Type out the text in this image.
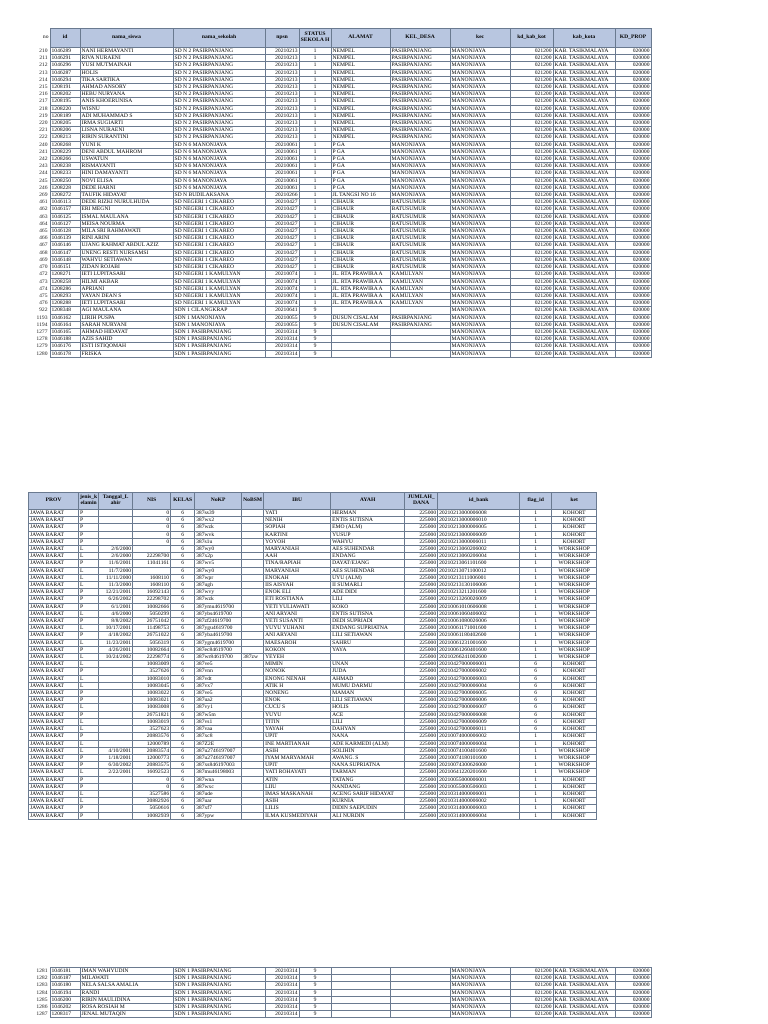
no	id	nama_siswa	nama_sekolah	npsn	STATUS SEKOLA H	ALAMAT	KEL_DESA	kec	kd_kab_kot	kab_kota	KD_PROP
210	1046289	NANI HERMAYANTI	SD N 2 PASIRPANJANG	20210213	1	NEMPEL	PASIRPANJANG	MANONJAYA	021200	KAB. TASIKMALAYA	020000
211	1046291	RIVA NURAENI	SD N 2 PASIRPANJANG	20210213	1	NEMPEL	PASIRPANJANG	MANONJAYA	021200	KAB. TASIKMALAYA	020000
212	1046296	YUSI MUTMAINAH	SD N 2 PASIRPANJANG	20210213	1	NEMPEL	PASIRPANJANG	MANONJAYA	021200	KAB. TASIKMALAYA	020000
213	1046287	HOLIS	SD N 2 PASIRPANJANG	20210213	1	NEMPEL	PASIRPANJANG	MANONJAYA	021200	KAB. TASIKMALAYA	020000
214	1046294	TIKA SARTIKA	SD N 2 PASIRPANJANG	20210213	1	NEMPEL	PASIRPANJANG	MANONJAYA	021200	KAB. TASIKMALAYA	020000
215	1208191	AHMAD ANSORY	SD N 2 PASIRPANJANG	20210213	1	NEMPEL	PASIRPANJANG	MANONJAYA	021200	KAB. TASIKMALAYA	020000
216	1208202	HEBU NURYANA	SD N 2 PASIRPANJANG	20210213	1	NEMPEL	PASIRPANJANG	MANONJAYA	021200	KAB. TASIKMALAYA	020000
217	1208195	ANIS KHOERUNISA	SD N 2 PASIRPANJANG	20210213	1	NEMPEL	PASIRPANJANG	MANONJAYA	021200	KAB. TASIKMALAYA	020000
218	1208220	WISNU	SD N 2 PASIRPANJANG	20210213	1	NEMPEL	PASIRPANJANG	MANONJAYA	021200	KAB. TASIKMALAYA	020000
219	1208189	ADI MUHAMMAD S	SD N 2 PASIRPANJANG	20210213	1	NEMPEL	PASIRPANJANG	MANONJAYA	021200	KAB. TASIKMALAYA	020000
220	1208205	IRMA SUGIARTI	SD N 2 PASIRPANJANG	20210213	1	NEMPEL	PASIRPANJANG	MANONJAYA	021200	KAB. TASIKMALAYA	020000
221	1208206	LISNA NURAENI	SD N 2 PASIRPANJANG	20210213	1	NEMPEL	PASIRPANJANG	MANONJAYA	021200	KAB. TASIKMALAYA	020000
222	1208213	RIRIN SURANTINI	SD N 2 PASIRPANJANG	20210213	1	NEMPEL	PASIRPANJANG	MANONJAYA	021200	KAB. TASIKMALAYA	020000
240	1208268	YUNI K	SD N 6 MANONJAYA	20210061	1	P GA	MANONJAYA	MANONJAYA	021200	KAB. TASIKMALAYA	020000
241	1208229	DENI ABDUL MAHROM	SD N 6 MANONJAYA	20210061	1	P GA	MANONJAYA	MANONJAYA	021200	KAB. TASIKMALAYA	020000
242	1208266	USWATUN	SD N 6 MANONJAYA	20210061	1	P GA	MANONJAYA	MANONJAYA	021200	KAB. TASIKMALAYA	020000
243	1208238	RISMAYANTI	SD N 6 MANONJAYA	20210061	1	P GA	MANONJAYA	MANONJAYA	021200	KAB. TASIKMALAYA	020000
244	1208233	HINI DAMAYANTI	SD N 6 MANONJAYA	20210061	1	P GA	MANONJAYA	MANONJAYA	021200	KAB. TASIKMALAYA	020000
245	1208250	NOVI ELISA	SD N 6 MANONJAYA	20210061	1	P GA	MANONJAYA	MANONJAYA	021200	KAB. TASIKMALAYA	020000
246	1208228	DEDE HARNI	SD N 6 MANONJAYA	20210061	1	P GA	MANONJAYA	MANONJAYA	021200	KAB. TASIKMALAYA	020000
269	1208272	TAUFIK HIDAYAT	SD N BUDILAKSANA	20210266	1	JL TANGSI NO 16	MANONJAYA	MANONJAYA	021200	KAB. TASIKMALAYA	020000
461	1046113	DEDE RIZKI NURULHUDA	SD NEGERI 1 CIKAREO	20210427	1	CIHAUR	BATUSUMUR	MANONJAYA	021200	KAB. TASIKMALAYA	020000
462	1046157	ERI MEGNI	SD NEGERI 1 CIKAREO	20210427	1	CIHAUR	BATUSUMUR	MANONJAYA	021200	KAB. TASIKMALAYA	020000
463	1046125	ISMAL MAULANA	SD NEGERI 1 CIKAREO	20210427	1	CIHAUR	BATUSUMUR	MANONJAYA	021200	KAB. TASIKMALAYA	020000
464	1046127	MEISA NOURMA	SD NEGERI 1 CIKAREO	20210427	1	CIHAUR	BATUSUMUR	MANONJAYA	021200	KAB. TASIKMALAYA	020000
465	1046128	MILA SRI RAHMAWATI	SD NEGERI 1 CIKAREO	20210427	1	CIHAUR	BATUSUMUR	MANONJAYA	021200	KAB. TASIKMALAYA	020000
466	1046139	RINI ARINI	SD NEGERI 1 CIKAREO	20210427	1	CIHAUR	BATUSUMUR	MANONJAYA	021200	KAB. TASIKMALAYA	020000
467	1046146	UJANG RAHMAT ABDUL AZIZ	SD NEGERI 1 CIKAREO	20210427	1	CIHAUR	BATUSUMUR	MANONJAYA	021200	KAB. TASIKMALAYA	020000
468	1046147	UNENG RESTI NURSAMSI	SD NEGERI 1 CIKAREO	20210427	1	CIHAUR	BATUSUMUR	MANONJAYA	021200	KAB. TASIKMALAYA	020000
469	1046148	WAHYU SETIAWAN	SD NEGERI 1 CIKAREO	20210427	1	CIHAUR	BATUSUMUR	MANONJAYA	021200	KAB. TASIKMALAYA	020000
470	1046151	ZIDAN ROJABI	SD NEGERI 1 CIKAREO	20210427	1	CIHAUR	BATUSUMUR	MANONJAYA	021200	KAB. TASIKMALAYA	020000
472	1208271	IETI LUPITASARI	SD NEGERI 1 KAMULYAN	20210074	1	JL. RTA PRAWIRA A	KAMULYAN	MANONJAYA	021200	KAB. TASIKMALAYA	020000
473	1208258	HILMI AKBAR	SD NEGERI 1 KAMULYAN	20210074	1	JL. RTA PRAWIRA A	KAMULYAN	MANONJAYA	021200	KAB. TASIKMALAYA	020000
474	1208286	APRIANI	SD NEGERI 1 KAMULYAN	20210074	1	JL. RTA PRAWIRA A	KAMULYAN	MANONJAYA	021200	KAB. TASIKMALAYA	020000
475	1208293	YAYAN DEAN S	SD NEGERI 1 KAMULYAN	20210074	1	JL. RTA PRAWIRA A	KAMULYAN	MANONJAYA	021200	KAB. TASIKMALAYA	020000
476	1208288	IETI LUPITASARI	SD NEGERI 1 KAMULYAN	20210074	1	JL. RTA PRAWIRA A	KAMULYAN	MANONJAYA	021200	KAB. TASIKMALAYA	020000
922	1208348	AGI MAULANA	SDN 1 CILANGKRAP	20210641	9			MANONJAYA	021200	KAB. TASIKMALAYA	020000
1193	1046162	LIRIH PUSPA	SDN 1 MANONJAYA	20210055	9	DUSUN CISALAM	PASIRPANJANG	MANONJAYA	021200	KAB. TASIKMALAYA	020000
1194	1046164	SARAH NURYANI	SDN 1 MANONJAYA	20210055	9	DUSUN CISALAM	PASIRPANJANG	MANONJAYA	021200	KAB. TASIKMALAYA	020000
1277	1046165	AHMAD HIDAYAT	SDN 1 PASIRPANJANG	20210314	9			MANONJAYA	021200	KAB. TASIKMALAYA	020000
1278	1046188	AZIS SAHID	SDN 1 PASIRPANJANG	20210314	9			MANONJAYA	021200	KAB. TASIKMALAYA	020000
1279	1046176	ESTI ISTIQOMAH	SDN 1 PASIRPANJANG	20210314	9			MANONJAYA	021200	KAB. TASIKMALAYA	020000
1280	1046178	FRISKA	SDN 1 PASIRPANJANG	20210314	9			MANONJAYA	021200	KAB. TASIKMALAYA	020000
PROV	jenis_k elamin	Tanggal_L ahir	NIS	KELAS	NoKP	NoBSM	IBU	AYAH	JUMLAH_ DANA	id_bank	flag_id	ket
JAWA BARAT	P		0	6	387ss39		YATI	HERMAN	225000	20210213000006008	1	KOHORT
JAWA BARAT	P		0	6	387wx2		NENIH	ENTIS SUTISNA	225000	20210213000006010	1	KOHORT
JAWA BARAT	P		0	6	387wzk		SOPIAH	EMO (ALM)	225000	20210213000006005	1	KOHORT
JAWA BARAT	P		0	6	387wvk		KARTINI	YUSUP	225000	20210213000006009	1	KOHORT
JAWA BARAT	P		0	6	387s1u		YOYOH	WAHYU	225000	20210213000006011	1	KOHORT
JAWA BARAT	L	2/6/2000		6	387wy0		MARYANIAH	AES SUHENDAR	225000	20210213060206002	1	WORKSHOP
JAWA BARAT	L	2/6/2000	22298700	6	387x2p		AAH	ENDANG	225000	20210213060206004	1	WORKSHOP
JAWA BARAT	P	11/6/2001	11041161	6	387wv5		TINA/RAPIAH	DAYAT/EJANG	225000	20210213061101600	1	WORKSHOP
JAWA BARAT	L	11/7/2000		6	387wy0		MARYANIAH	AES SUHENDAR	225000	20210213071100012	1	WORKSHOP
JAWA BARAT	L	11/11/2000	1608110	6	387wpr		ENOKAH	UYU (ALM)	225000	20210213111006001	1	WORKSHOP
JAWA BARAT	L	11/3/2000	1608110	6	387ugh		IIS AISYAH	II SUMARLI	225000	20210213130106006	1	WORKSHOP
JAWA BARAT	P	12/21/2001	16092143	6	387wvy		ENOK ELI	ADE DIDI	225000	20210213211201600	1	WORKSHOP
JAWA BARAT	P	6/26/2002	22298702	6	387wzk		ETI ROSTIANA	LILI	225000	20210213260026009	1	WORKSHOP
JAWA BARAT	P	6/1/2001	10082666	6	387ymu4619700		YETI YULIAWATI	KOKO	225000	20210061010606008	1	WORKSHOP
JAWA BARAT	L	4/6/2000	5050299	6	387ybs4619700		ANI ARYANI	ENTIS SUTISNA	225000	20210061060406002	1	WORKSHOP
JAWA BARAT	P	8/8/2002	26751042	6	387zf24619700		YETI SUSANTI	DEDI SUPRIADI	225000	20210061080026006	1	WORKSHOP
JAWA BARAT	L	10/17/2001	11498753	6	387ygu4619700		YUYU YUHANI	ENDANG SUPRIATNA	225000	20210061171001600	1	WORKSHOP
JAWA BARAT	P	4/18/2002	26751022	6	387yba4619700		ANI ARYANI	LILI SETIAWAN	225000	20210061180402600	1	WORKSHOP
JAWA BARAT	L	11/23/2001	5056319	6	387ygm4619700		MAESAROH	SAHRU	225000	20210061231001600	1	WORKSHOP
JAWA BARAT	P	4/26/2001	10082664	6	387ec84619700		KOKON	YAYA	225000	20210061260401600	1	WORKSHOP
JAWA BARAT	L	10/24/2002	22298774	6	387wr84619700	387zw	YEYEH		225000	20210266241002600	1	WORKSHOP
JAWA BARAT	L		10083009	6	387ve5		MIMIN	UNAN	225000	20210427000006001	6	KOHORT
JAWA BARAT	P		3527626	6	387vnn		NONOK	JUDA	225000	20210427000006002	6	KOHORT
JAWA BARAT	L		10083010	6	387vdt		ENONG NENAH	AHMAD	225000	20210427000006003	6	KOHORT
JAWA BARAT	L		10083045	6	387vx7		ATIK H	MUMU DARMU	225000	20210427000006004	6	KOHORT
JAWA BARAT	P		10083022	6	387ve5		NONENG	MAMAN	225000	20210427000006005	6	KOHORT
JAWA BARAT	P		10083021	6	387ua2		ENOK	LILI SETIAWAN	225000	20210427000006006	6	KOHORT
JAWA BARAT	L		10083008	6	387vy1		CUCU S	HOLIS	225000	20210427000006007	6	KOHORT
JAWA BARAT	P		26751821	6	387w5m		YUYU	ACE	225000	20210427000006008	6	KOHORT
JAWA BARAT	L		10083019	6	387vs1		TITIN	LILI	225000	20210427000006009	6	KOHORT
JAWA BARAT	L		3527623	6	387vaa		YAYAH	DAHYAN	225000	20210427000006011	6	KOHORT
JAWA BARAT	P		20883576	6	387xc8		UPIT	NANA	225000	20210074000006002	1	KOHORT
JAWA BARAT	L		12000789	6	387Z2E		INE MARTIANAH	ADE KARMEDI (ALM)	225000	20210074000006004	1	KOHORT
JAWA BARAT	L	4/10/2001	20883574	6	387u2746197007		ASIH	SOLIHIN	225000	20210074100401600	1	WORKSHOP
JAWA BARAT	P	1/18/2001	12000773	6	387u2746197007		IYAM MARYAMAH	AWANG. S	225000	20210074180101600	1	WORKSHOP
JAWA BARAT	P	6/30/2002	20883575	6	387xs846197003		UPIT	NANA SUPRIATNA	225000	20210074300626000	1	WORKSHOP
JAWA BARAT	L	2/22/2001	16092523	6	387mu46198003		YATI ROHAYATI	TARMAN	225000	20210641220201600	1	WORKSHOP
JAWA BARAT	P		0	6	387wna		ATIN	TATANG	225000	20210055000006001	1	KOHORT
JAWA BARAT	P		0	6	387wxc		LIIU	NANDANG	225000	20210055000506003	1	KOHORT
JAWA BARAT	L		3527586	6	387ude		IMAS MASKANAH	ACENG SARIF HIDAYAT	225000	20210314000006001	1	KOHORT
JAWA BARAT	L		20882926	6	387uar		ASIH	KURNIA	225000	20210314000006002	1	KOHORT
JAWA BARAT	P		5050616	6	387xf7		LILIS	DIDIN SAEPUDIN	225000	20210314000006003	1	KOHORT
JAWA BARAT	P		10082939	6	387ypw		ILMA KUSMEDIYAH	ALI NURDIN	225000	20210314000006004	1	KOHORT
1281	1046181	IMAN WAHYUDIN	SDN 1 PASIRPANJANG	20210314	9			MANONJAYA	021200	KAB. TASIKMALAYA	020000
1282	1046187	MILAWATI	SDN 1 PASIRPANJANG	20210314	9			MANONJAYA	021200	KAB. TASIKMALAYA	020000
1283	1046180	NELA SALSA AMALIA	SDN 1 PASIRPANJANG	20210314	9			MANONJAYA	021200	KAB. TASIKMALAYA	020000
1284	1046194	RANDI	SDN 1 PASIRPANJANG	20210314	9			MANONJAYA	021200	KAB. TASIKMALAYA	020000
1285	1046200	RIRIN MAULIDINA	SDN 1 PASIRPANJANG	20210314	9			MANONJAYA	021200	KAB. TASIKMALAYA	020000
1286	1046202	ROSA ROSIAH M	SDN 1 PASIRPANJANG	20210314	9			MANONJAYA	021200	KAB. TASIKMALAYA	020000
1287	1208317	JENAL MUTAQIN	SDN 1 PASIRPANJANG	20210314	9			MANONJAYA	021200	KAB. TASIKMALAYA	020000
